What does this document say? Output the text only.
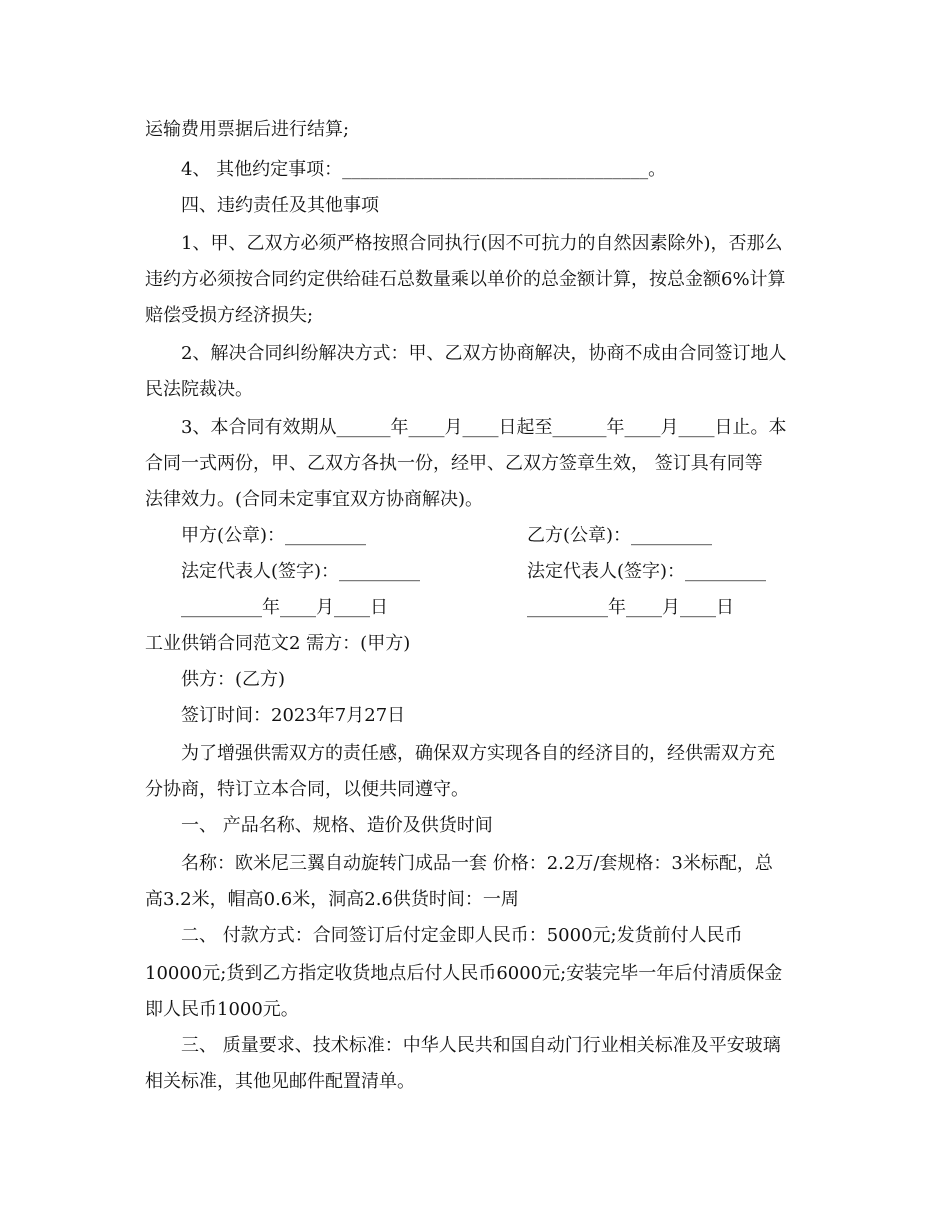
运输费用票据后进行结算;
4、 其他约定事项：__________________________________。
四、违约责任及其他事项
1、甲、乙双方必须严格按照合同执行(因不可抗力的自然因素除外)，否那么
违约方必须按合同约定供给硅石总数量乘以单价的总金额计算，按总金额6%计算
赔偿受损方经济损失;
2、解决合同纠纷解决方式：甲、乙双方协商解决，协商不成由合同签订地人
民法院裁决。
3、本合同有效期从______年____月____日起至______年____月____日止。本
合同一式两份，甲、乙双方各执一份，经甲、乙双方签章生效， 签订具有同等
法律效力。(合同未定事宜双方协商解决)。
甲方(公章)：_________	乙方(公章)：_________
法定代表人(签字)：_________	法定代表人(签字)：_________
_________年____月____日	_________年____月____日
工业供销合同范文2 需方：(甲方)
供方：(乙方)
签订时间：2023年7月27日
为了增强供需双方的责任感，确保双方实现各自的经济目的，经供需双方充
分协商，特订立本合同，以便共同遵守。
一、 产品名称、规格、造价及供货时间
名称：欧米尼三翼自动旋转门成品一套 价格：2.2万/套规格：3米标配，总
高3.2米，帽高0.6米，洞高2.6供货时间：一周
二、 付款方式：合同签订后付定金即人民币：5000元;发货前付人民币
10000元;货到乙方指定收货地点后付人民币6000元;安装完毕一年后付清质保金
即人民币1000元。
三、 质量要求、技术标准：中华人民共和国自动门行业相关标准及平安玻璃
相关标准，其他见邮件配置清单。
